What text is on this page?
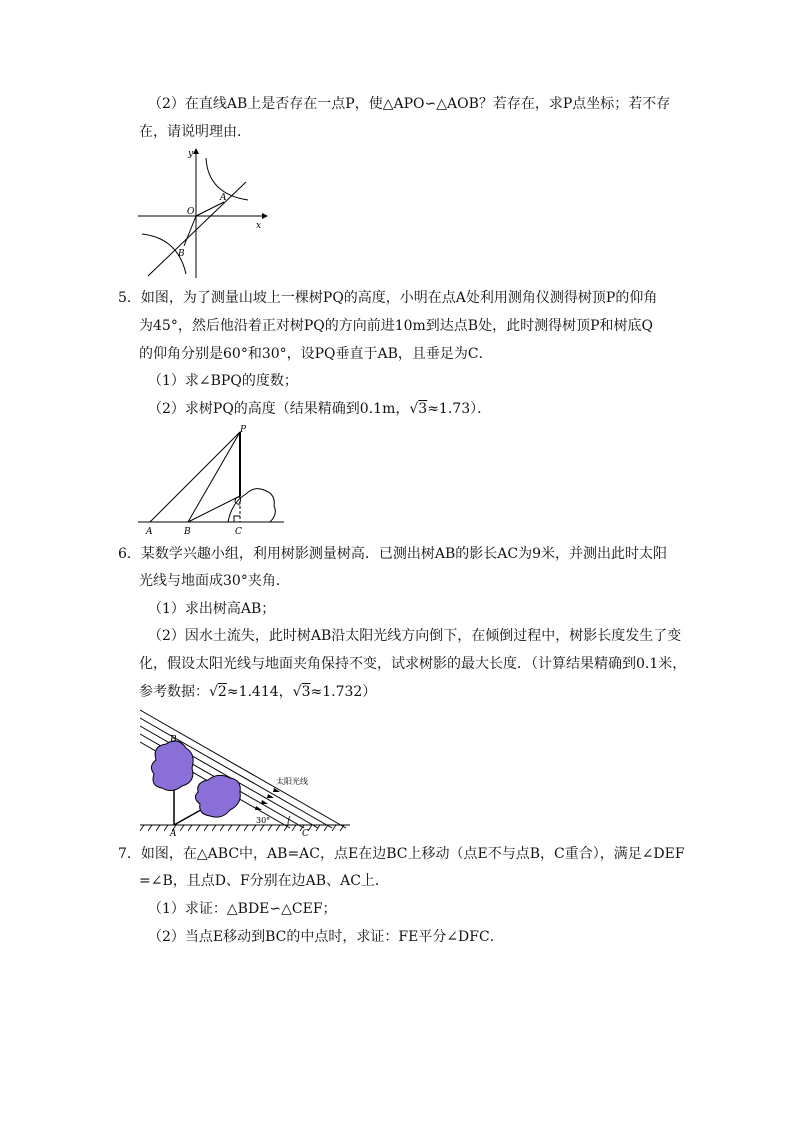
（2）在直线AB上是否存在一点P，使△APO∽△AOB？若存在，求P点坐标；若不存
在，请说明理由．
y
x
O
A
B
5．如图，为了测量山坡上一棵树PQ的高度，小明在点A处利用测角仪测得树顶P的仰角
为45°，然后他沿着正对树PQ的方向前进10m到达点B处，此时测得树顶P和树底Q
的仰角分别是60°和30°，设PQ垂直于AB，且垂足为C．
（1）求∠BPQ的度数；
（2）求树PQ的高度（结果精确到0.1m，√3≈1.73）．
P
Q
A	B	C
6．某数学兴趣小组，利用树影测量树高．已测出树AB的影长AC为9米，并测出此时太阳
光线与地面成30°夹角．
（1）求出树高AB；
（2）因水土流失，此时树AB沿太阳光线方向倒下，在倾倒过程中，树影长度发生了变
化，假设太阳光线与地面夹角保持不变，试求树影的最大长度．（计算结果精确到0.1米，
参考数据：√2≈1.414，√3≈1.732）
B
A	C
太阳光线
30°
7．如图，在△ABC中，AB=AC，点E在边BC上移动（点E不与点B，C重合），满足∠DEF
=∠B，且点D、F分别在边AB、AC上．
（1）求证：△BDE∽△CEF；
（2）当点E移动到BC的中点时，求证：FE平分∠DFC．
